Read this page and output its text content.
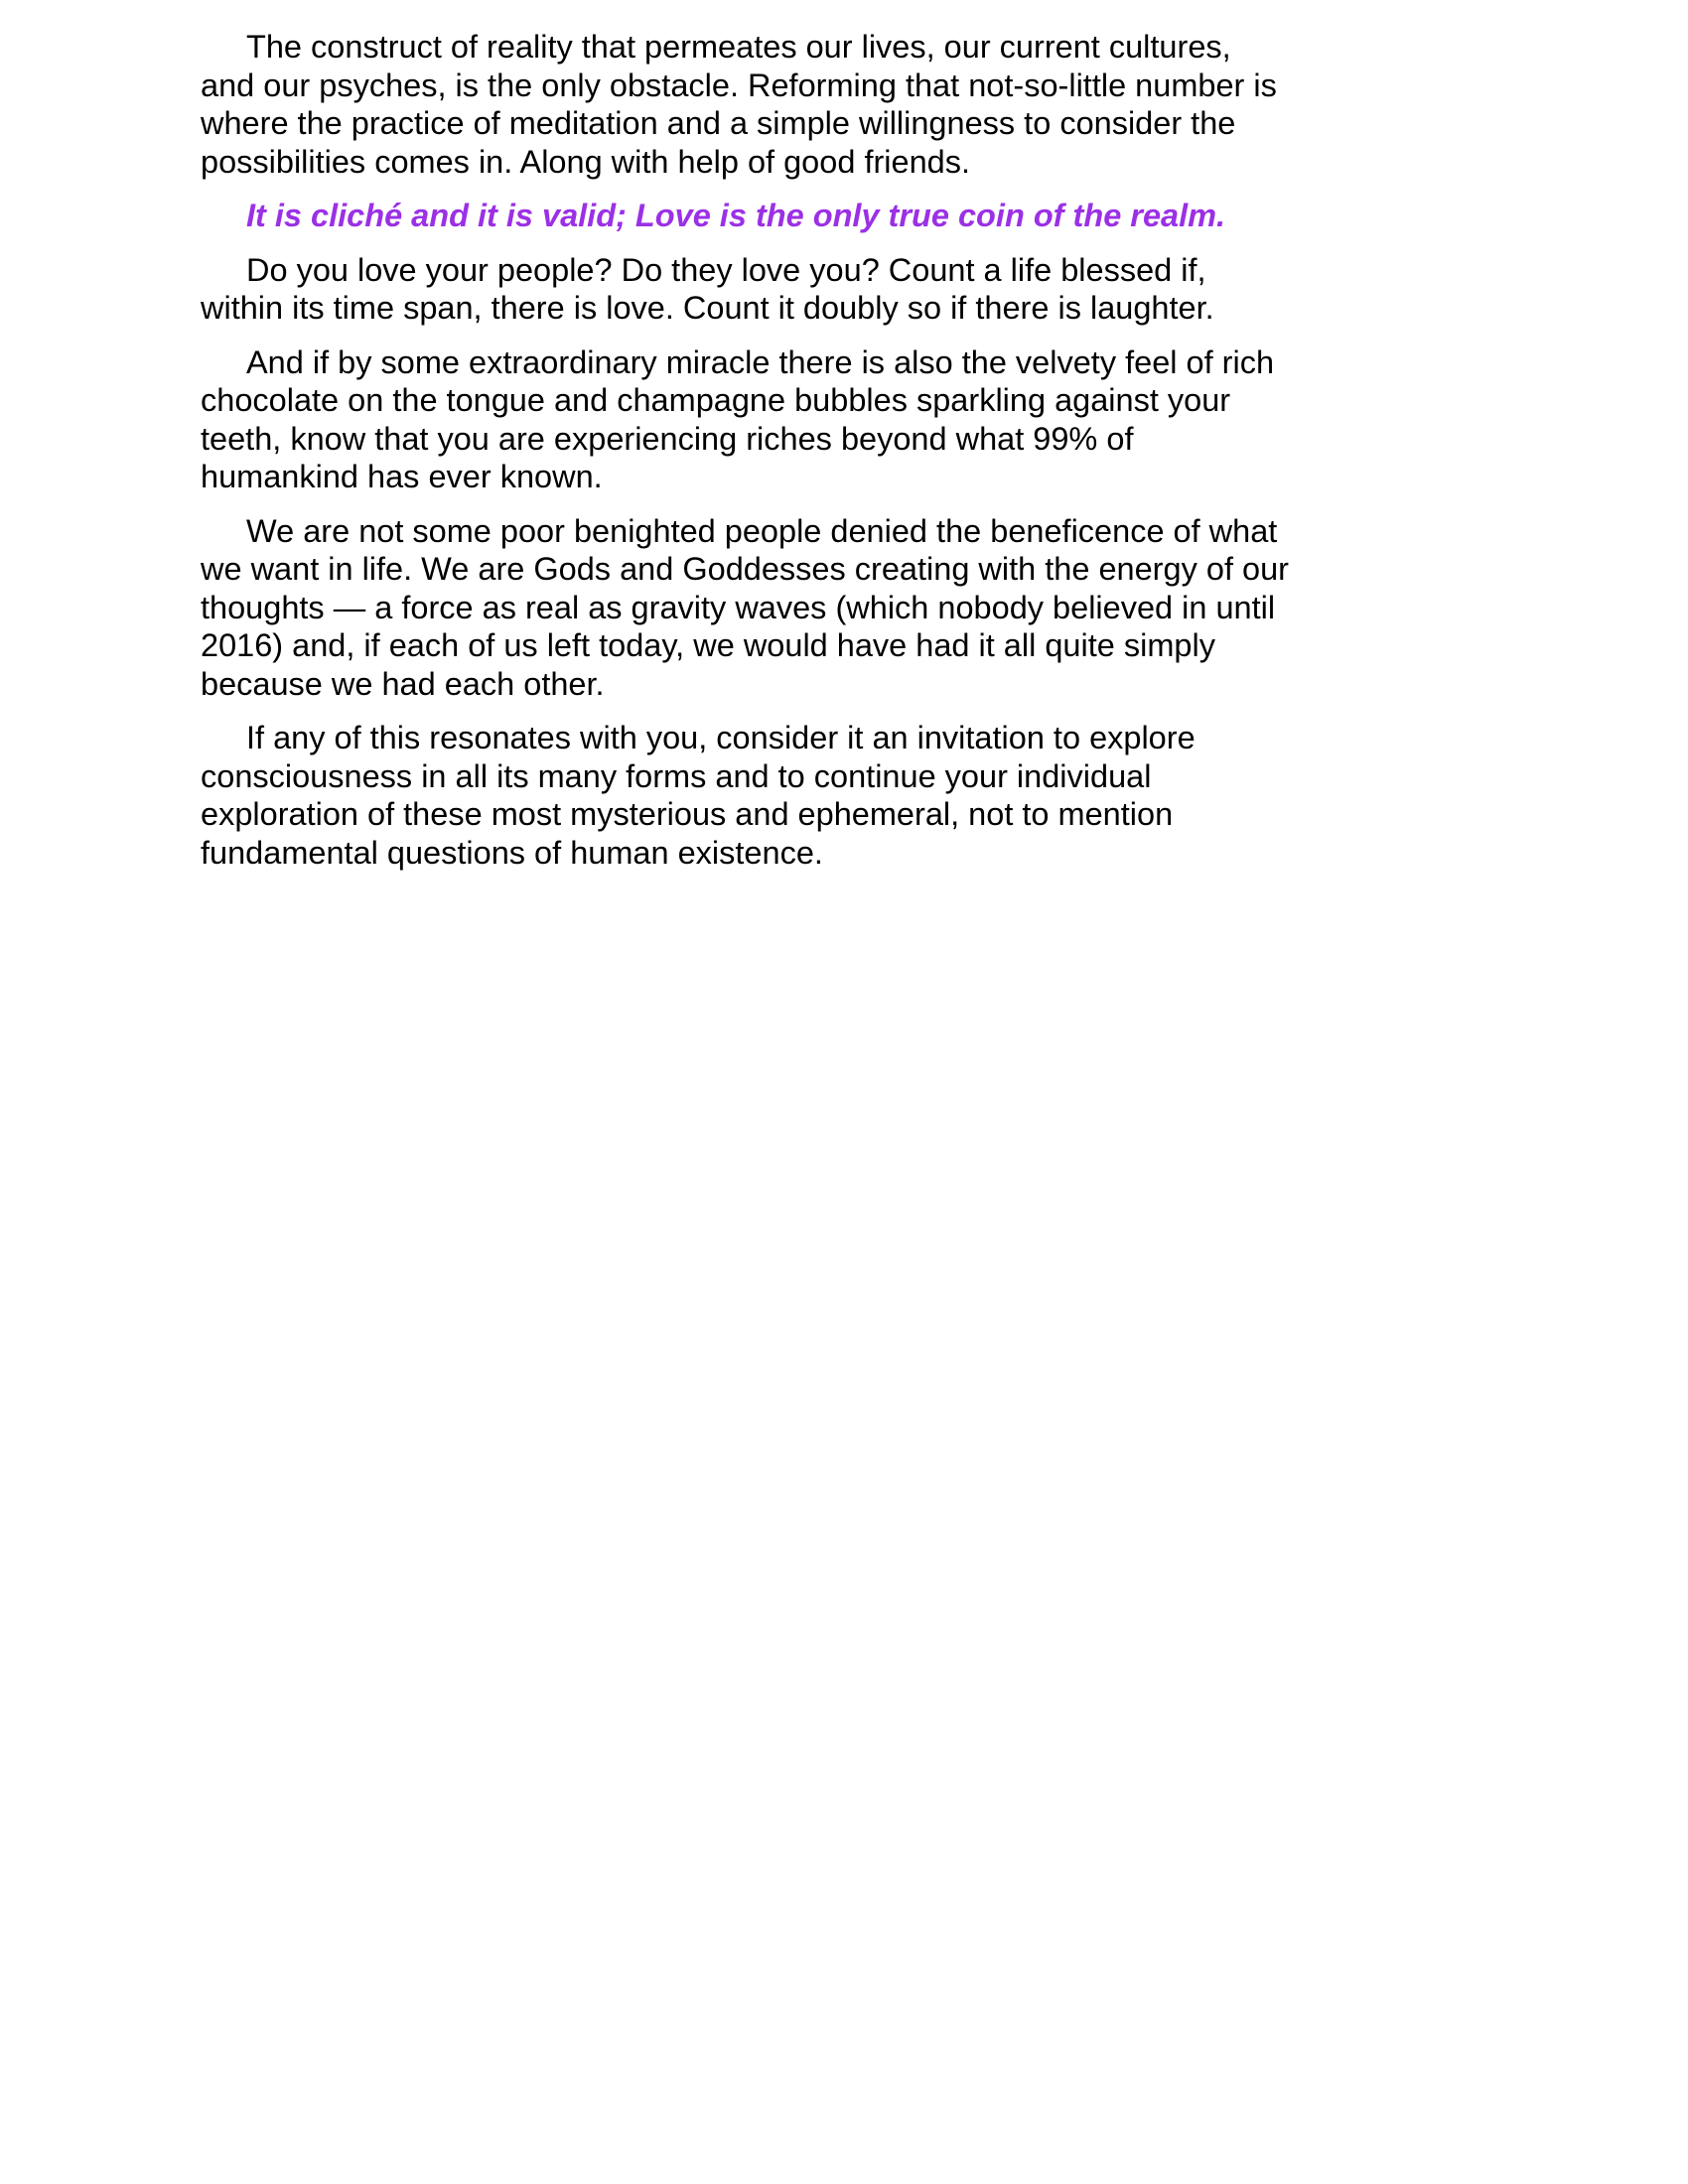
The construct of reality that permeates our lives, our current cultures, and our psyches, is the only obstacle. Reforming that not-so-little number is where the practice of meditation and a simple willingness to consider the possibilities comes in. Along with help of good friends.

It is cliché and it is valid; Love is the only true coin of the realm.

Do you love your people? Do they love you? Count a life blessed if, within its time span, there is love. Count it doubly so if there is laughter.

And if by some extraordinary miracle there is also the velvety feel of rich chocolate on the tongue and champagne bubbles sparkling against your teeth, know that you are experiencing riches beyond what 99% of humankind has ever known.

We are not some poor benighted people denied the beneficence of what we want in life. We are Gods and Goddesses creating with the energy of our thoughts — a force as real as gravity waves (which nobody believed in until 2016) and, if each of us left today, we would have had it all quite simply because we had each other.

If any of this resonates with you, consider it an invitation to explore consciousness in all its many forms and to continue your individual exploration of these most mysterious and ephemeral, not to mention fundamental questions of human existence.
